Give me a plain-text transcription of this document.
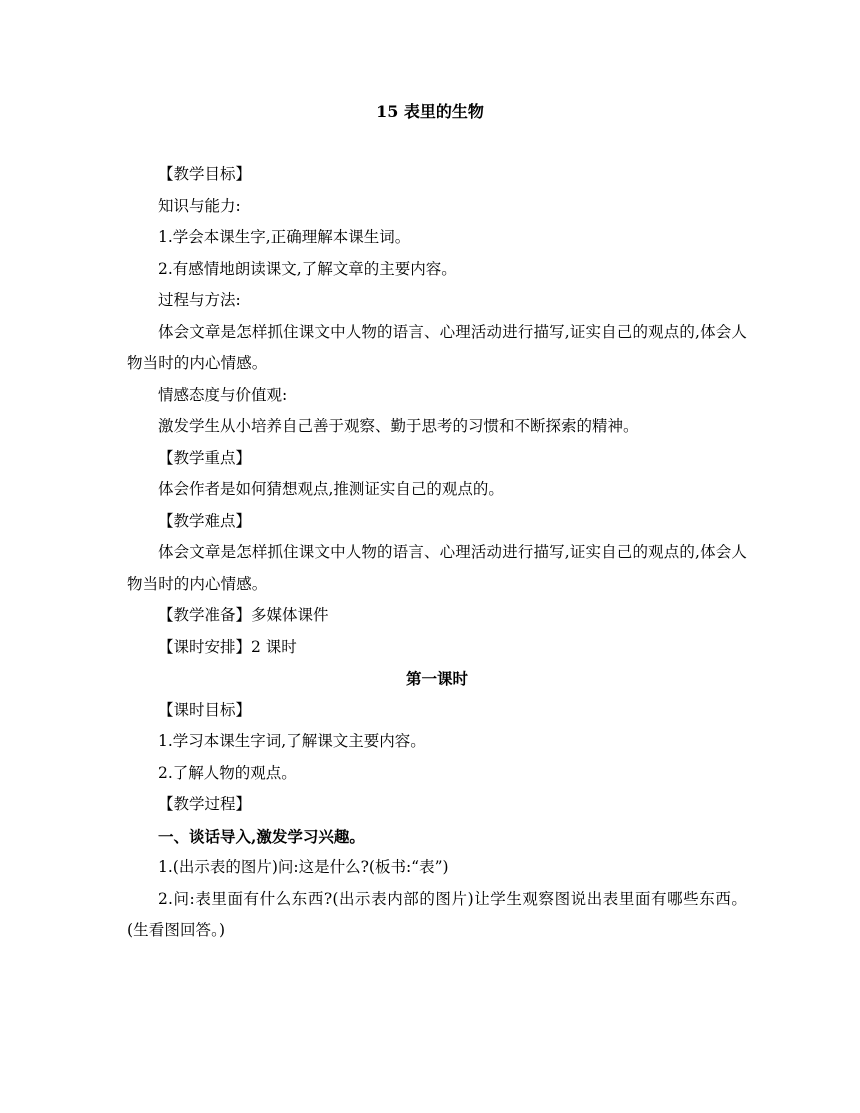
15 表里的生物
【教学目标】
知识与能力:
1.学会本课生字,正确理解本课生词。
2.有感情地朗读课文,了解文章的主要内容。
过程与方法:
体会文章是怎样抓住课文中人物的语言、心理活动进行描写,证实自己的观点的,体会人物当时的内心情感。
情感态度与价值观:
激发学生从小培养自己善于观察、勤于思考的习惯和不断探索的精神。
【教学重点】
体会作者是如何猜想观点,推测证实自己的观点的。
【教学难点】
体会文章是怎样抓住课文中人物的语言、心理活动进行描写,证实自己的观点的,体会人物当时的内心情感。
【教学准备】多媒体课件
【课时安排】2 课时
第一课时
【课时目标】
1.学习本课生字词,了解课文主要内容。
2.了解人物的观点。
【教学过程】
一、谈话导入,激发学习兴趣。
1.(出示表的图片)问:这是什么?(板书:“表”)
2.问:表里面有什么东西?(出示表内部的图片)让学生观察图说出表里面有哪些东西。(生看图回答。)
